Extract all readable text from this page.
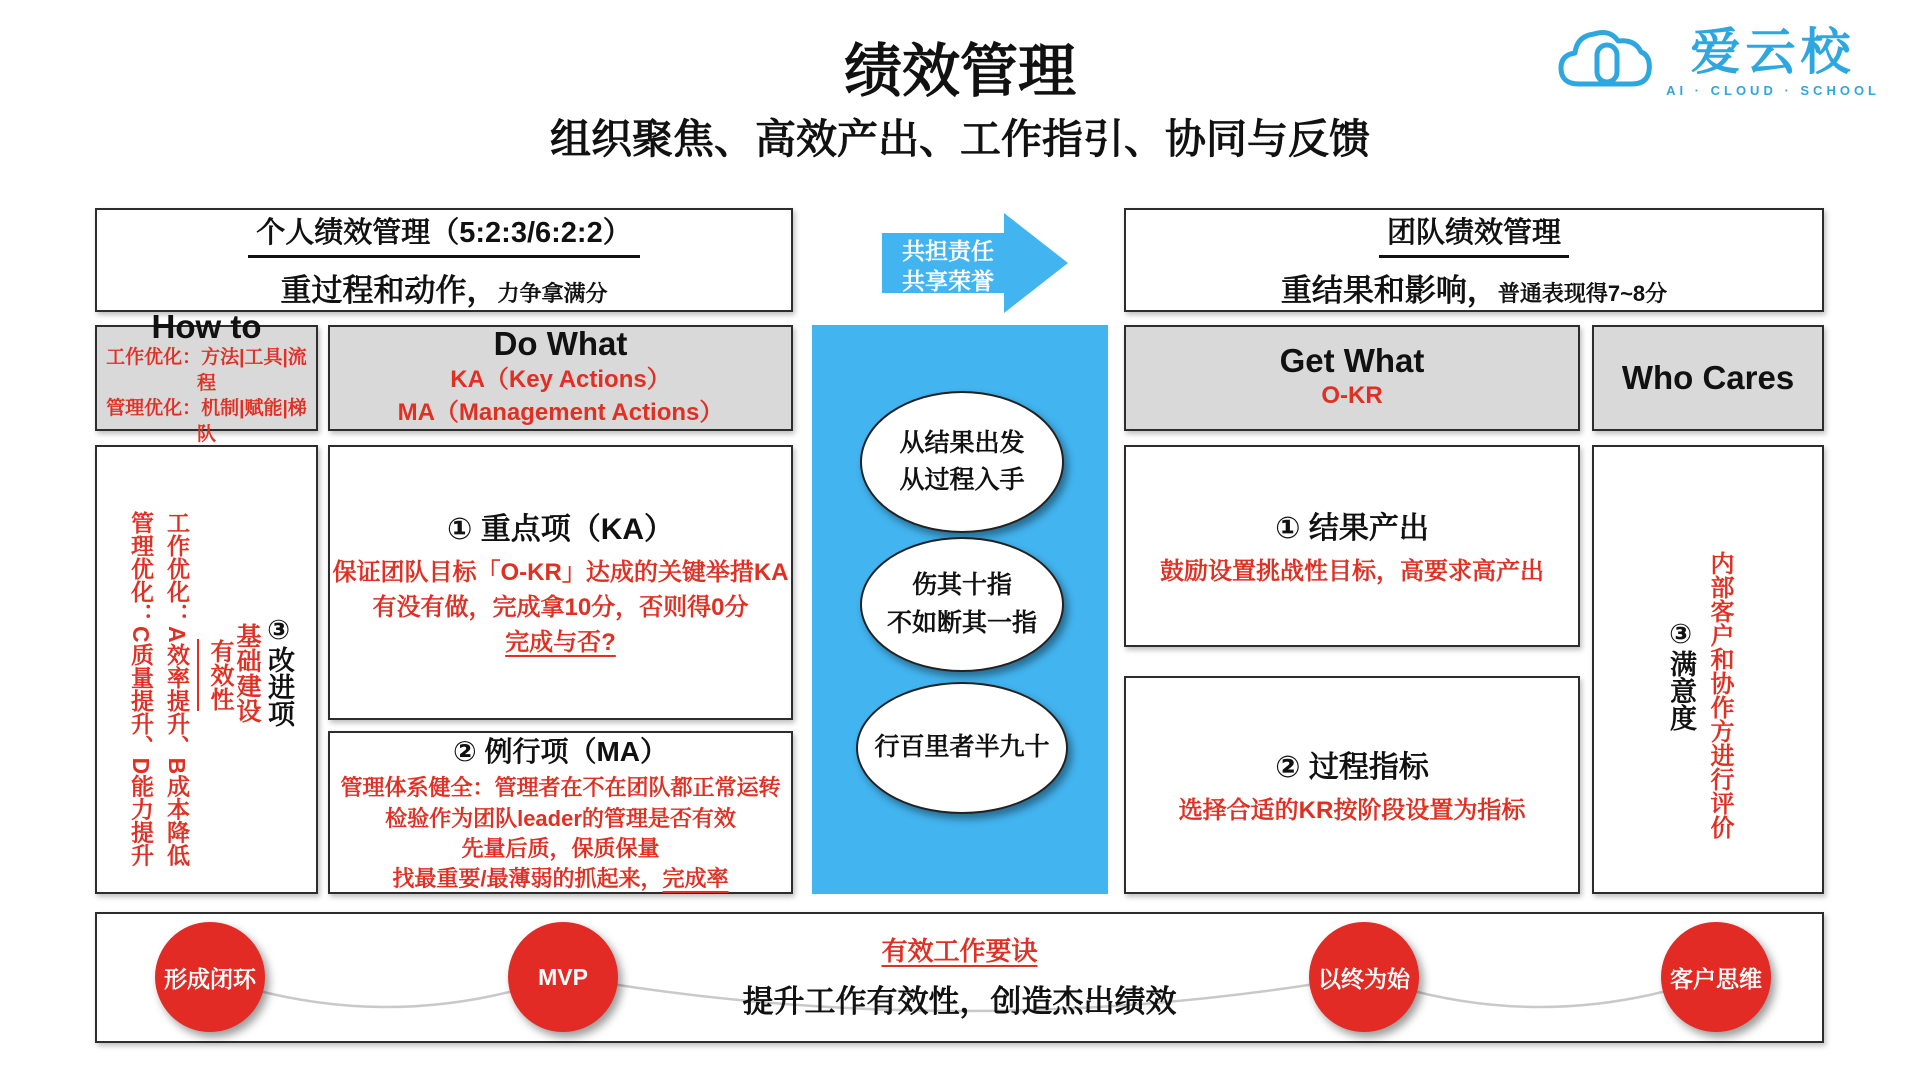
绩效管理
组织聚焦、高效产出、工作指引、协同与反馈
爱云校
AI · CLOUD · SCHOOL
个人绩效管理（5:2:3/6:2:2）
重过程和动作，力争拿满分
共担责任
共享荣誉
团队绩效管理
重结果和影响，普通表现得7~8分
How to
工作优化：方法|工具|流程
管理优化：机制|赋能|梯队
Do What
KA（Key Actions）
MA（Management Actions）
Get What
O-KR	Who Cares
从结果出发
从过程入手
伤其十指
不如断其一指
行百里者半九十
管理优化：C质量提升、D能力提升 工作优化：A效率提升、B成本降低 有效性 基础建设 ③改进项
① 重点项（KA）
保证团队目标「O-KR」达成的关键举措KA
有没有做，完成拿10分，否则得0分
完成与否?
② 例行项（MA）
管理体系健全：管理者在不在团队都正常运转
检验作为团队leader的管理是否有效
先量后质，保质保量
找最重要/最薄弱的抓起来，完成率
① 结果产出
鼓励设置挑战性目标，高要求高产出
② 过程指标
选择合适的KR按阶段设置为指标	内部客户和协作方进行评价
③满意度
形成闭环	MVP	以终为始	客户思维
有效工作要诀
提升工作有效性，创造杰出绩效
